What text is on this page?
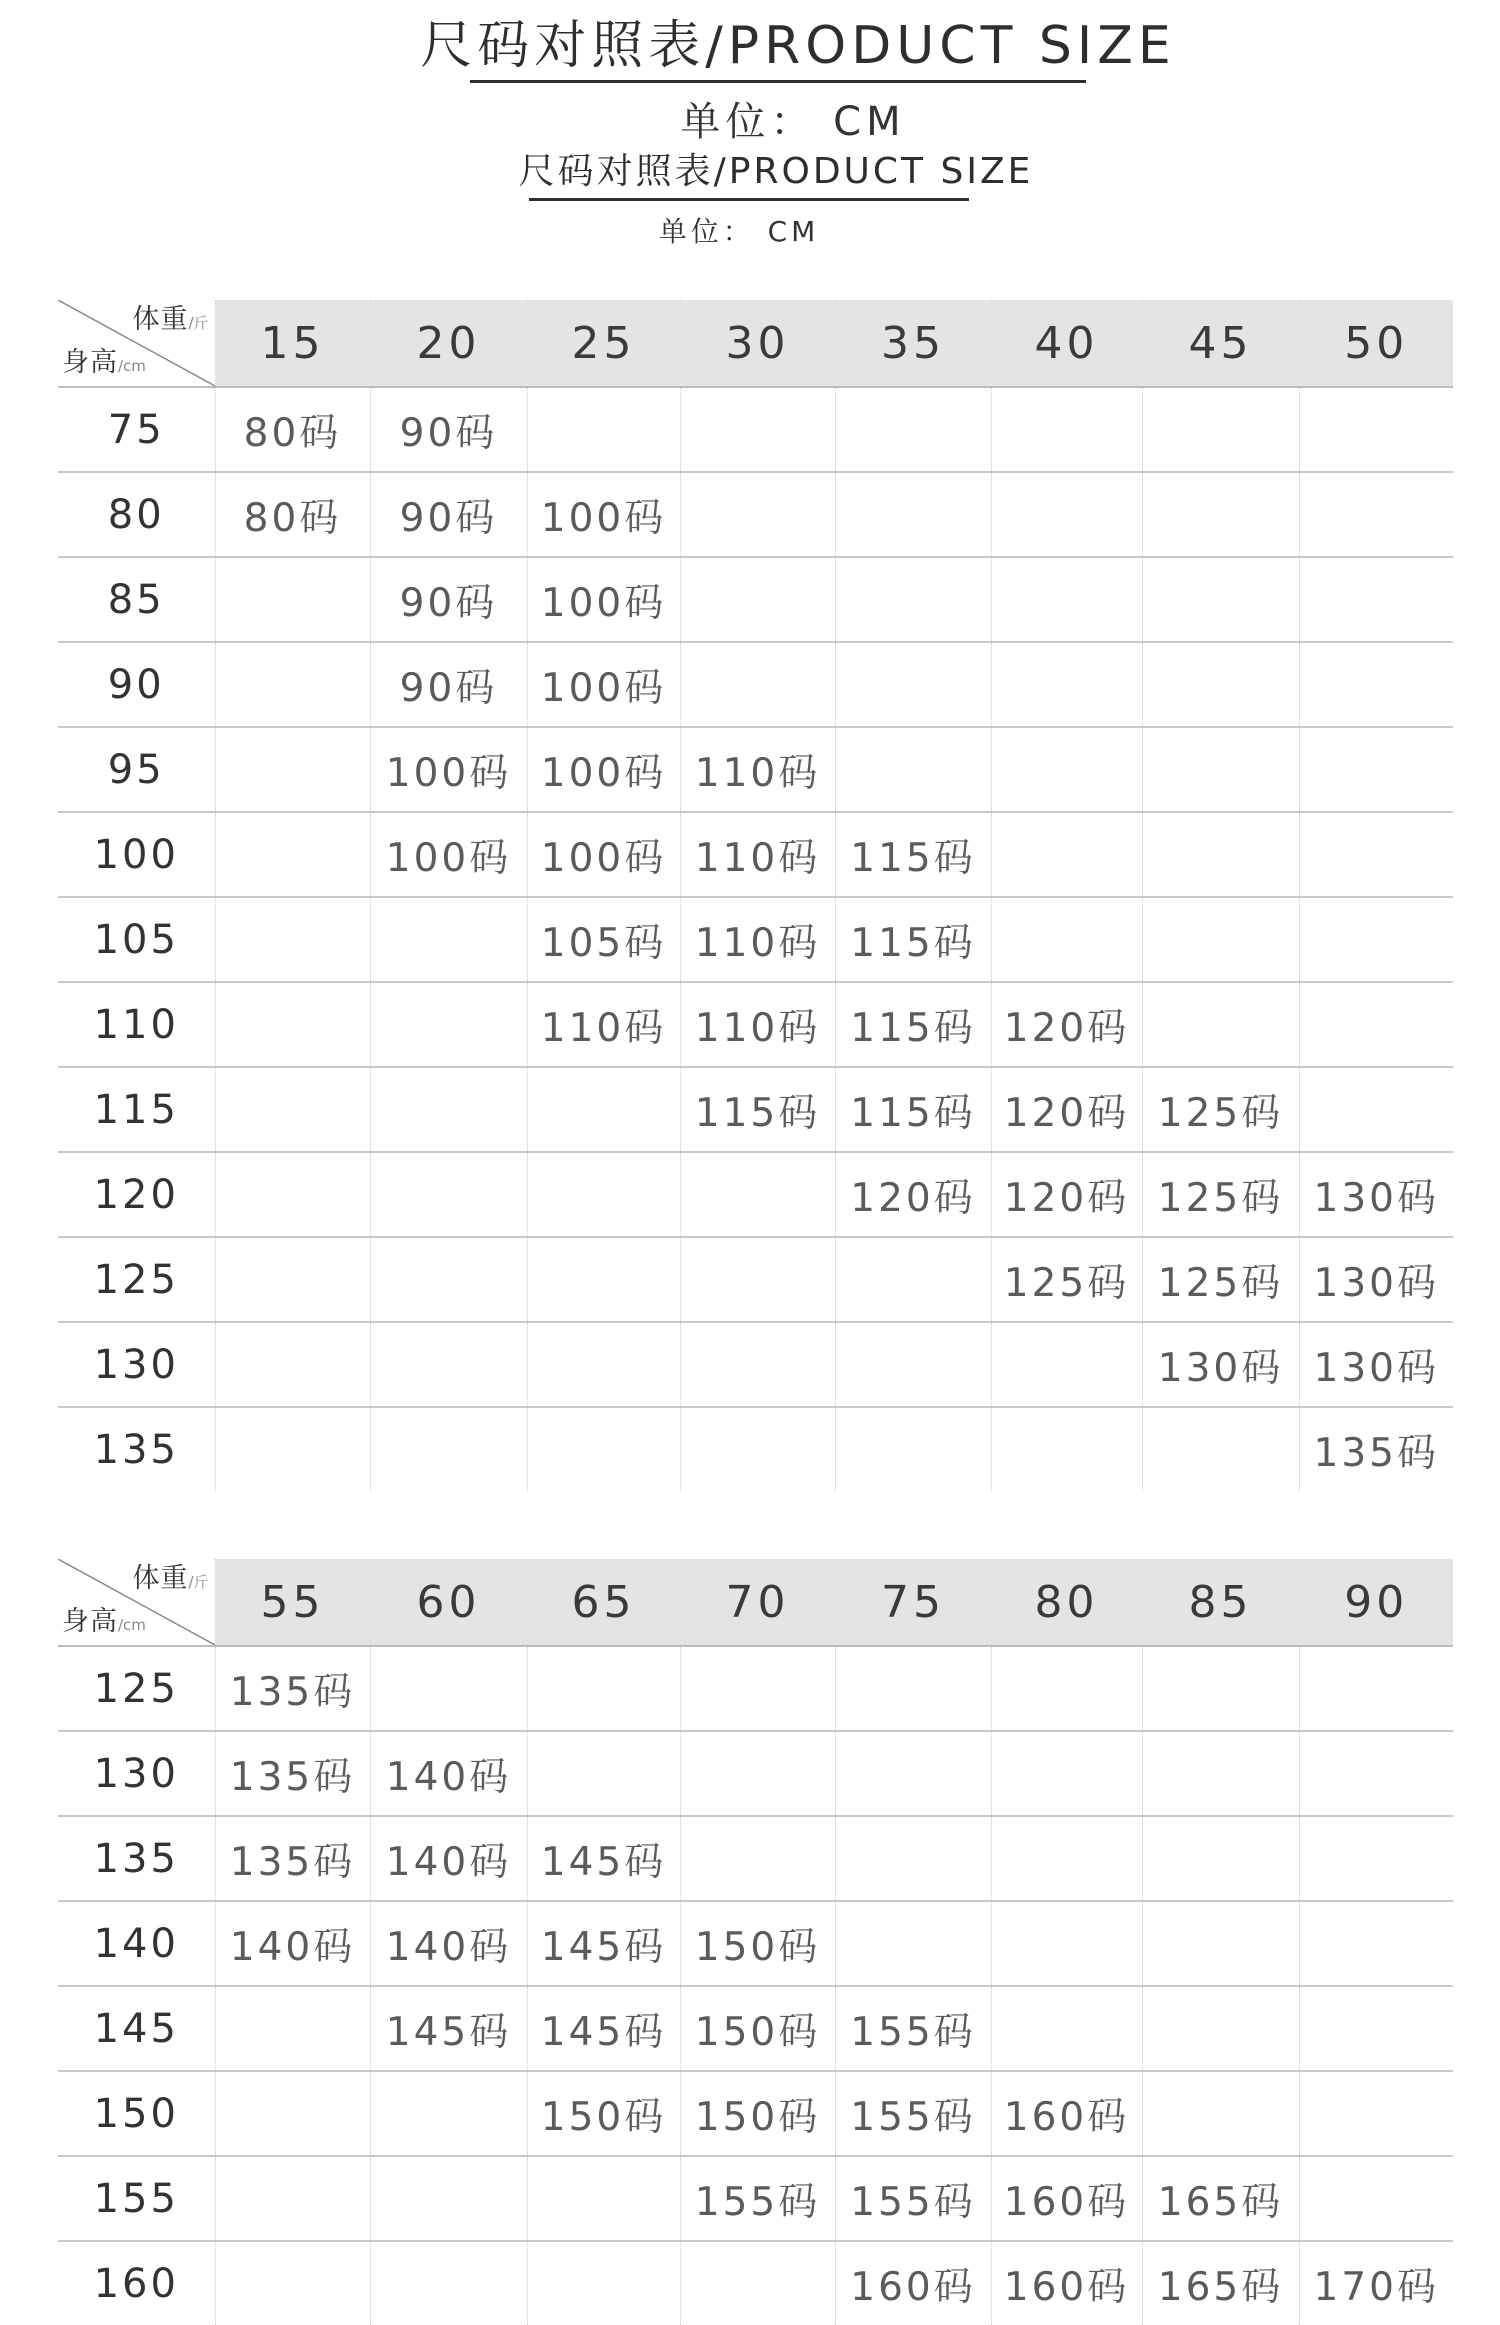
尺码对照表/PRODUCT SIZE
单位： CM
尺码对照表/PRODUCT SIZE
单位： CM
体重/斤
身高/cm	15	20	25	30	35	40	45	50
75	80码	90码						
80	80码	90码	100码					
85		90码	100码					
90		90码	100码					
95		100码	100码	110码				
100		100码	100码	110码	115码			
105			105码	110码	115码			
110			110码	110码	115码	120码		
115				115码	115码	120码	125码	
120					120码	120码	125码	130码
125						125码	125码	130码
130							130码	130码
135								135码
体重/斤
身高/cm	55	60	65	70	75	80	85	90
125	135码							
130	135码	140码						
135	135码	140码	145码					
140	140码	140码	145码	150码				
145		145码	145码	150码	155码			
150			150码	150码	155码	160码		
155				155码	155码	160码	165码	
160					160码	160码	165码	170码
